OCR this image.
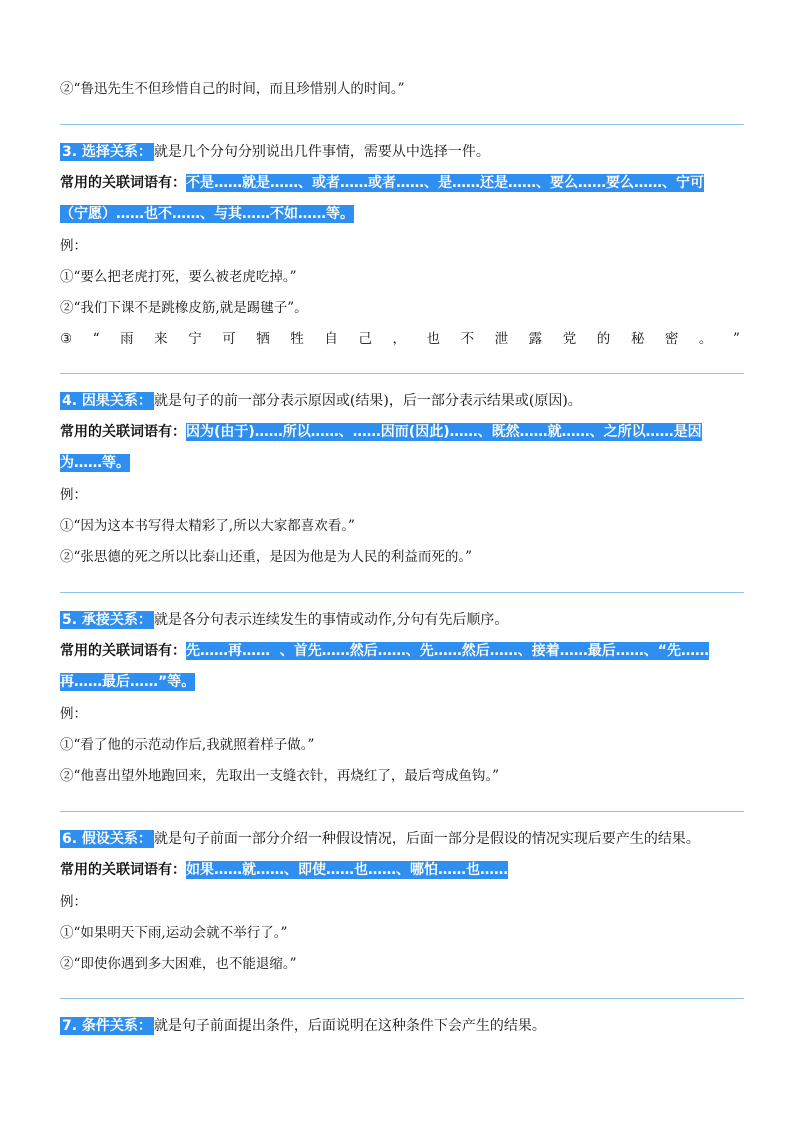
②“鲁迅先生不但珍惜自己的时间，而且珍惜别人的时间。”
3. 选择关系： 就是几个分句分别说出几件事情，需要从中选择一件。
常用的关联词语有：不是……就是……、或者……或者……、是……还是……、要么……要么……、宁可
（宁愿）……也不……、与其……不如……等。
例：
①“要么把老虎打死，要么被老虎吃掉。”
②“我们下课不是跳橡皮筋,就是踢毽子”。
③ “ 雨 来 宁 可 牺 牲 自 己 ， 也 不 泄 露 党 的 秘 密 。 ”
4. 因果关系： 就是句子的前一部分表示原因或(结果)，后一部分表示结果或(原因)。
常用的关联词语有：因为(由于)……所以……、……因而(因此)……、既然……就……、之所以……是因
为……等。
例：
①“因为这本书写得太精彩了,所以大家都喜欢看。”
②“张思德的死之所以比泰山还重，是因为他是为人民的利益而死的。”
5. 承接关系： 就是各分句表示连续发生的事情或动作,分句有先后顺序。
常用的关联词语有：先……再……  、首先……然后……、先……然后……、接着……最后……、“先……
再……最后……”等。
例：
①“看了他的示范动作后,我就照着样子做。”
②“他喜出望外地跑回来，先取出一支缝衣针，再烧红了，最后弯成鱼钩。”
6. 假设关系： 就是句子前面一部分介绍一种假设情况，后面一部分是假设的情况实现后要产生的结果。
常用的关联词语有：如果……就……、即使……也……、哪怕……也……
例：
①“如果明天下雨,运动会就不举行了。”
②“即使你遇到多大困难，也不能退缩。”
7. 条件关系： 就是句子前面提出条件，后面说明在这种条件下会产生的结果。
